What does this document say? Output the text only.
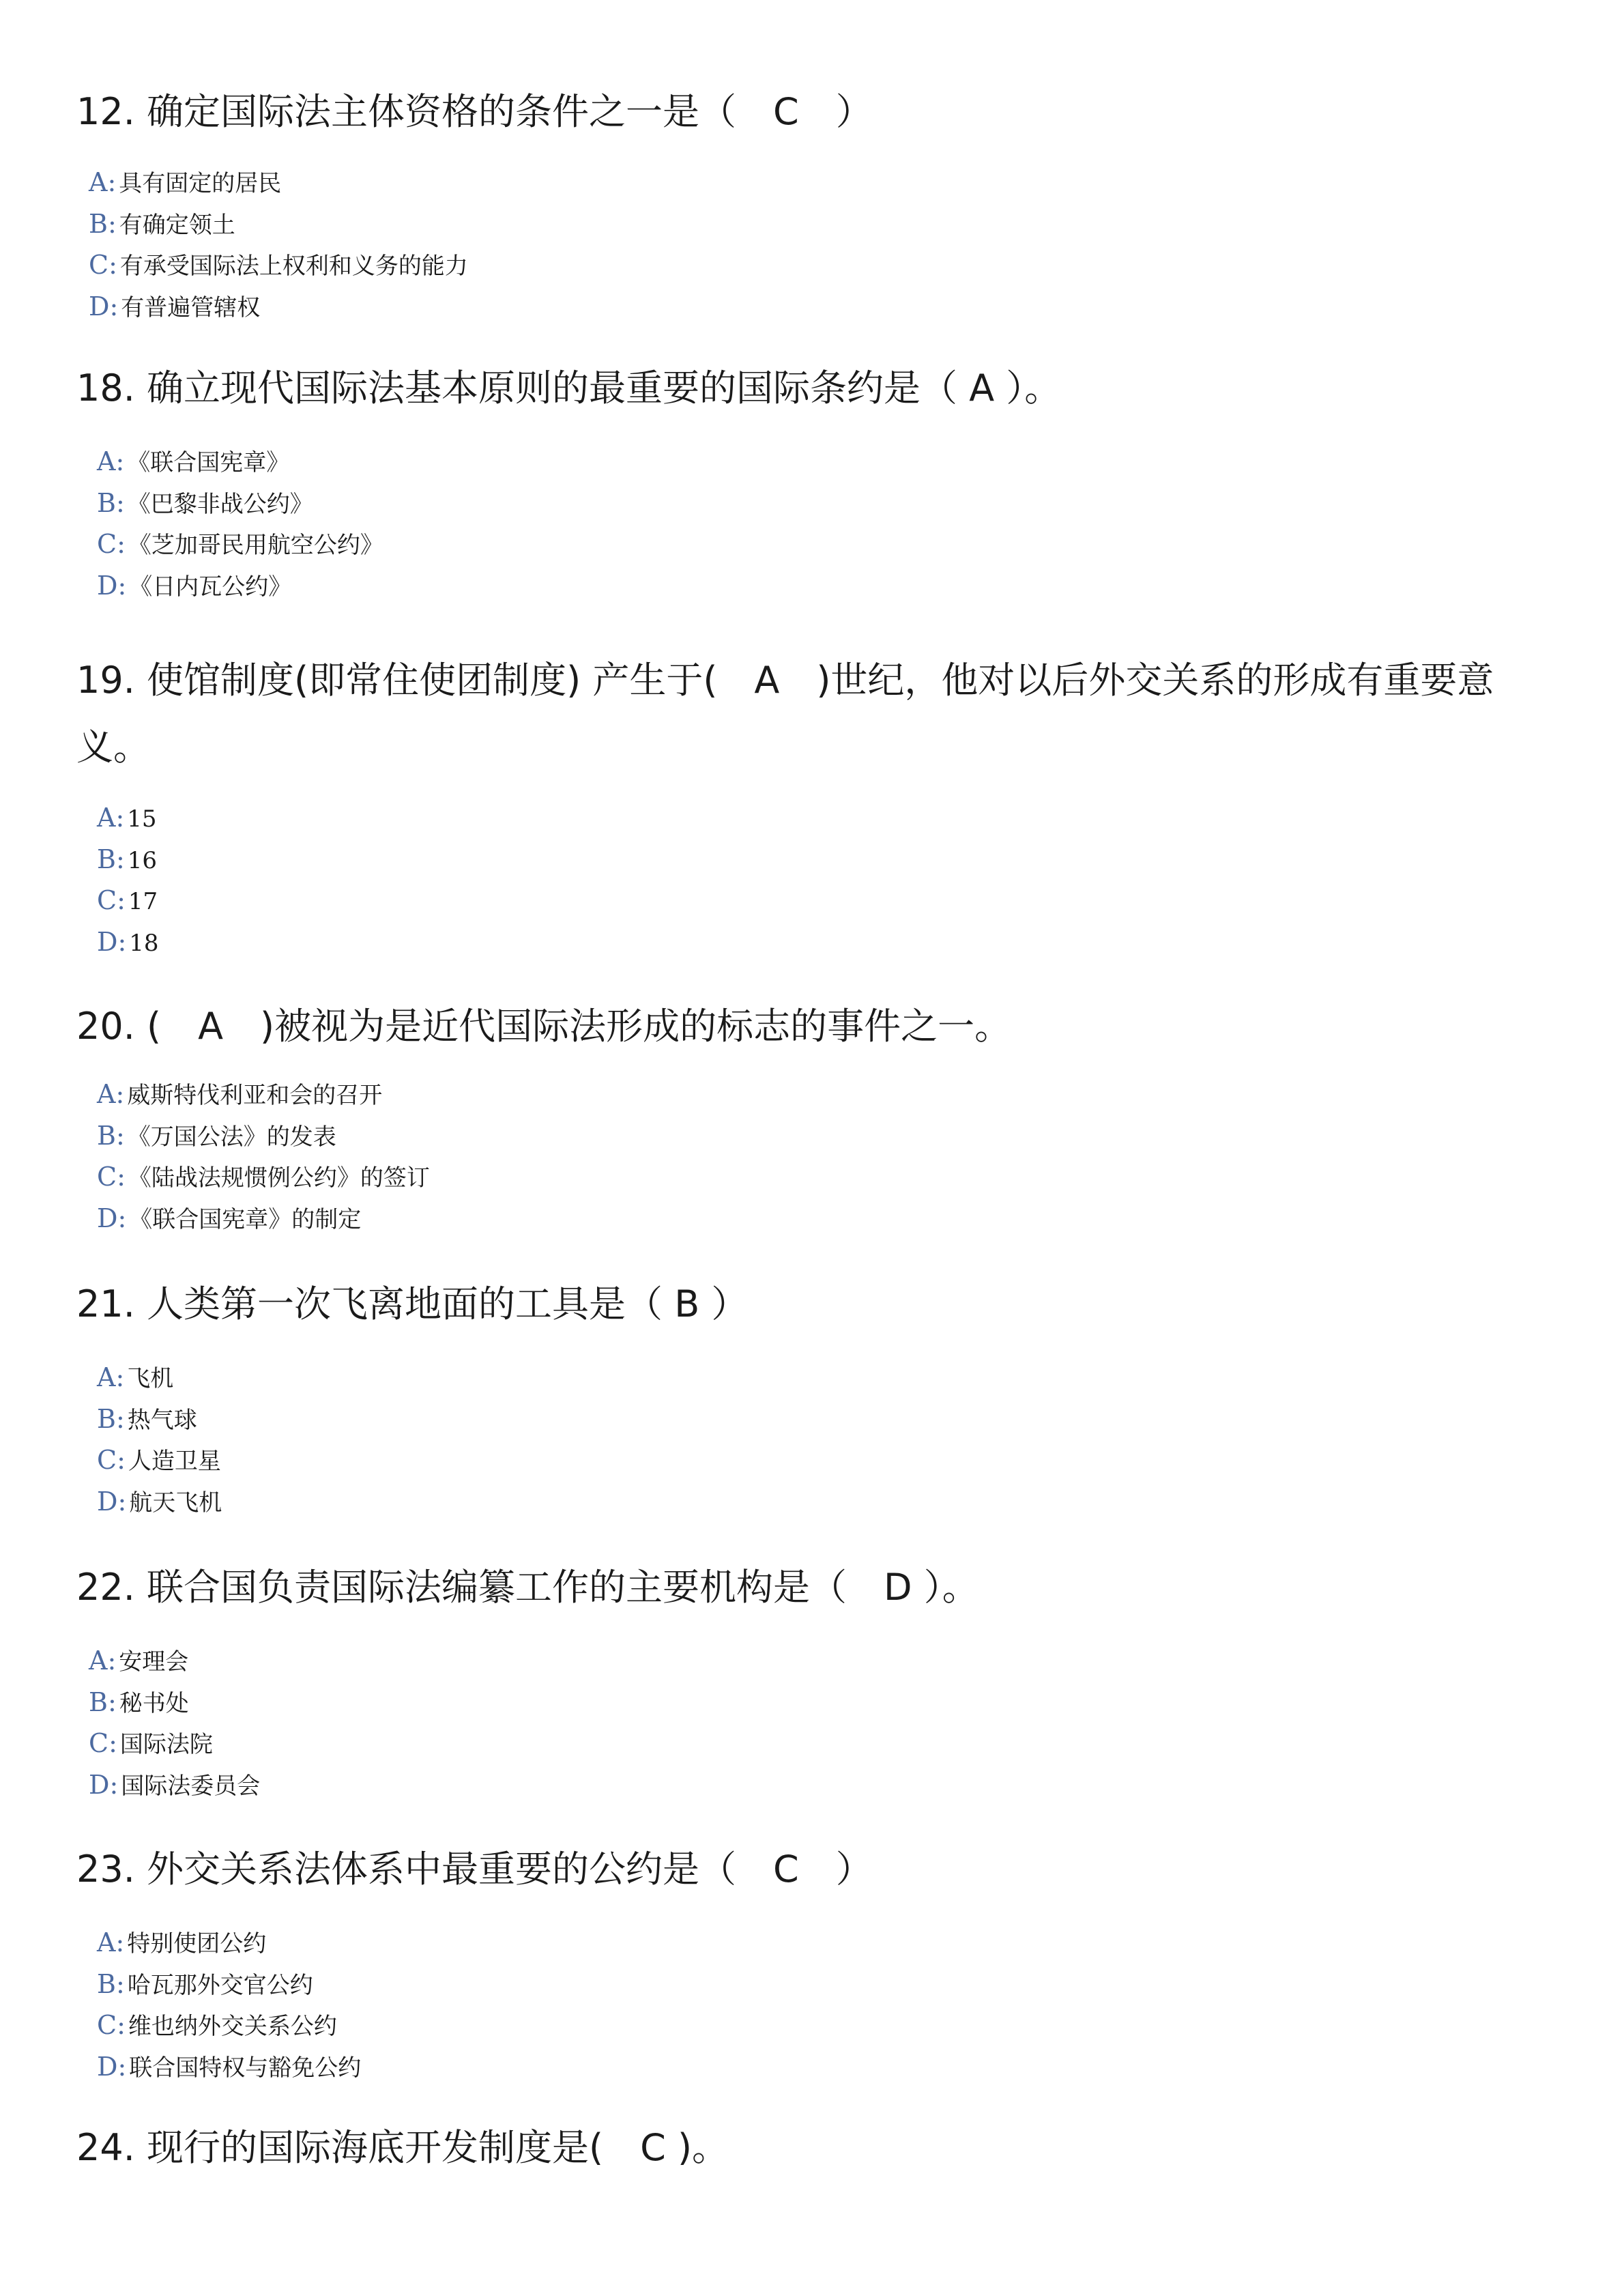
12. 确定国际法主体资格的条件之一是（　C　）

A: 具有固定的居民
B: 有确定领土
C: 有承受国际法上权利和义务的能力
D: 有普遍管辖权

18. 确立现代国际法基本原则的最重要的国际条约是（ A ）。

A: 《联合国宪章》
B: 《巴黎非战公约》
C: 《芝加哥民用航空公约》
D: 《日内瓦公约》

19. 使馆制度(即常住使团制度) 产生于(　A　)世纪，他对以后外交关系的形成有重要意义。

A: 15
B: 16
C: 17
D: 18

20. (　A　)被视为是近代国际法形成的标志的事件之一。

A: 威斯特伐利亚和会的召开
B: 《万国公法》的发表
C: 《陆战法规惯例公约》的签订
D: 《联合国宪章》的制定

21. 人类第一次飞离地面的工具是（ B ）

A: 飞机
B: 热气球
C: 人造卫星
D: 航天飞机

22. 联合国负责国际法编纂工作的主要机构是（　D ）。

A: 安理会
B: 秘书处
C: 国际法院
D: 国际法委员会

23. 外交关系法体系中最重要的公约是（　C　）

A: 特别使团公约
B: 哈瓦那外交官公约
C: 维也纳外交关系公约
D: 联合国特权与豁免公约

24. 现行的国际海底开发制度是(　C )。
